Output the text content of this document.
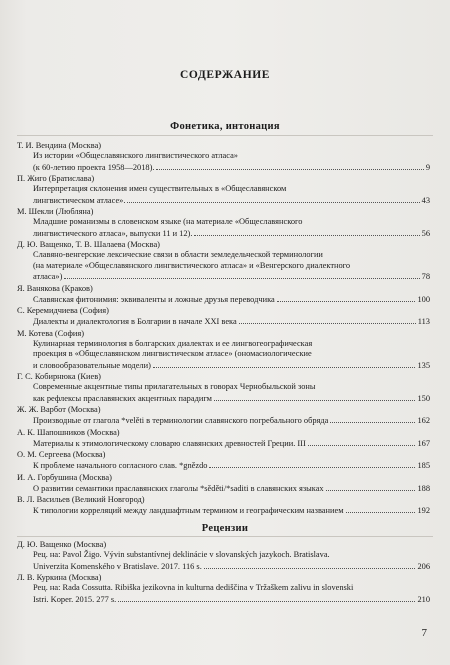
СОДЕРЖАНИЕ
Фонетика, интонация
Рецензии
Т. И. Вендина (Москва)
Из истории «Общеславянского лингвистического атласа»
(к 60-летию проекта 1958—2018).	9
П. Жиго (Братислава)
Интерпретация склонения имен существительных в «Общеславянском
лингвистическом атласе».	43
М. Шекли (Любляна)
Младшие романизмы в словенском языке (на материале «Общеславянского
лингвистического атласа», выпуски 11 и 12).	56
Д. Ю. Ващенко, Т. В. Шалаева (Москва)
Славяно-венгерские лексические связи в области земледельческой терминологии
(на материале «Общеславянского лингвистического атласа» и «Венгерского диалектного
атласа»)	78
Я. Ванякова (Краков)
Славянская фитонимия: эквиваленты и ложные друзья переводчика	100
С. Керемидчиева (София)
Диалекты и диалектология в Болгарии в начале XXI века	113
М. Котева (София)
Кулинарная терминология в болгарских диалектах и ее лингвогеографическая
проекция в «Общеславянском лингвистическом атласе» (ономасиологические
и словообразовательные модели)	135
Г. С. Кобирнюка (Киев)
Современные акцентные типы прилагательных в говорах Чернобыльской зоны
как рефлексы праславянских акцентных парадигм	150
Ж. Ж. Варбот (Москва)
Производные от глагола *velěti в терминологии славянского погребального обряда	162
А. К. Шапошников (Москва)
Материалы к этимологическому словарю славянских древностей Греции. III	167
О. М. Сергеева (Москва)
К проблеме начального согласного слав. *gnězdo	185
И. А. Горбушина (Москва)
О развитии семантики праславянских глаголы *sěděti/*saditi в славянских языках	188
В. Л. Васильев (Великий Новгород)
К типологии корреляций между ландшафтным термином и географическим названием	192
Д. Ю. Ващенко (Москва)
Рец. на: Pavol Žigo. Vývin substantívnej deklinácie v slovanských jazykoch. Bratislava.
Univerzita Komenského v Bratislave. 2017. 116 s.	206
Л. В. Куркина (Москва)
Рец. на: Rada Cossutta. Ribiška jezikovna in kulturna dediščina v Tržaškem zalivu in slovenski
Istri. Koper. 2015. 277 s.	210
7
